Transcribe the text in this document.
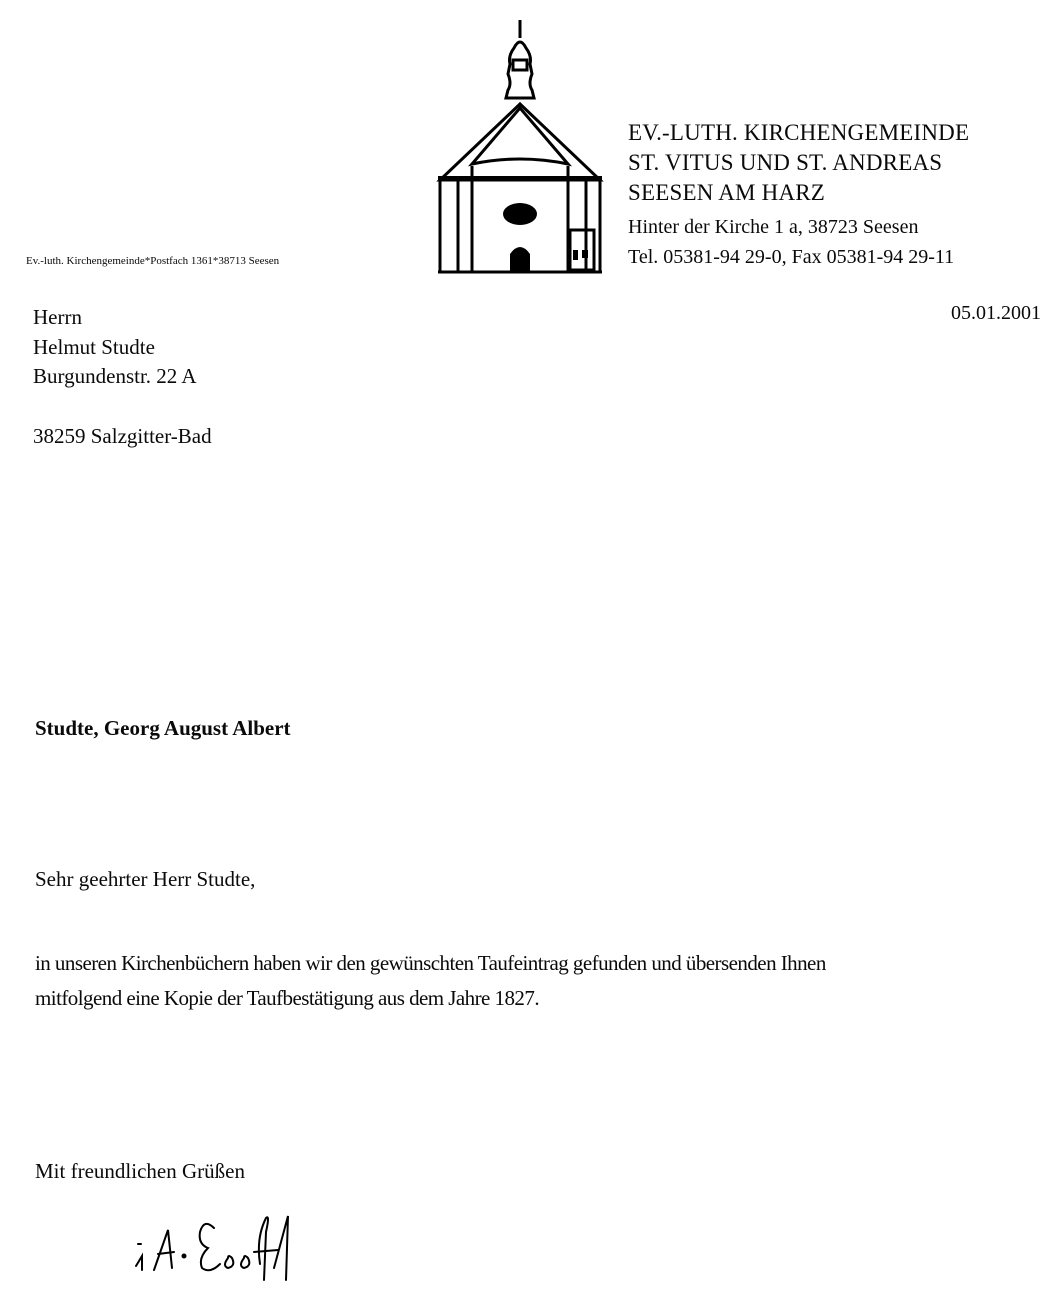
Ev.-luth. Kirchengemeinde*Postfach 1361*38713 Seesen
EV.-LUTH. KIRCHENGEMEINDE
ST. VITUS UND ST. ANDREAS
SEESEN AM HARZ
Hinter der Kirche 1 a, 38723 Seesen
Tel. 05381-94 29-0, Fax 05381-94 29-11
05.01.2001
Herrn
Helmut Studte
Burgundenstr. 22 A
38259 Salzgitter-Bad
Studte, Georg August Albert
Sehr geehrter Herr Studte,
in unseren Kirchenbüchern haben wir den gewünschten Taufeintrag gefunden und übersenden Ihnen
mitfolgend eine Kopie der Taufbestätigung aus dem Jahre 1827.
Mit freundlichen Grüßen
